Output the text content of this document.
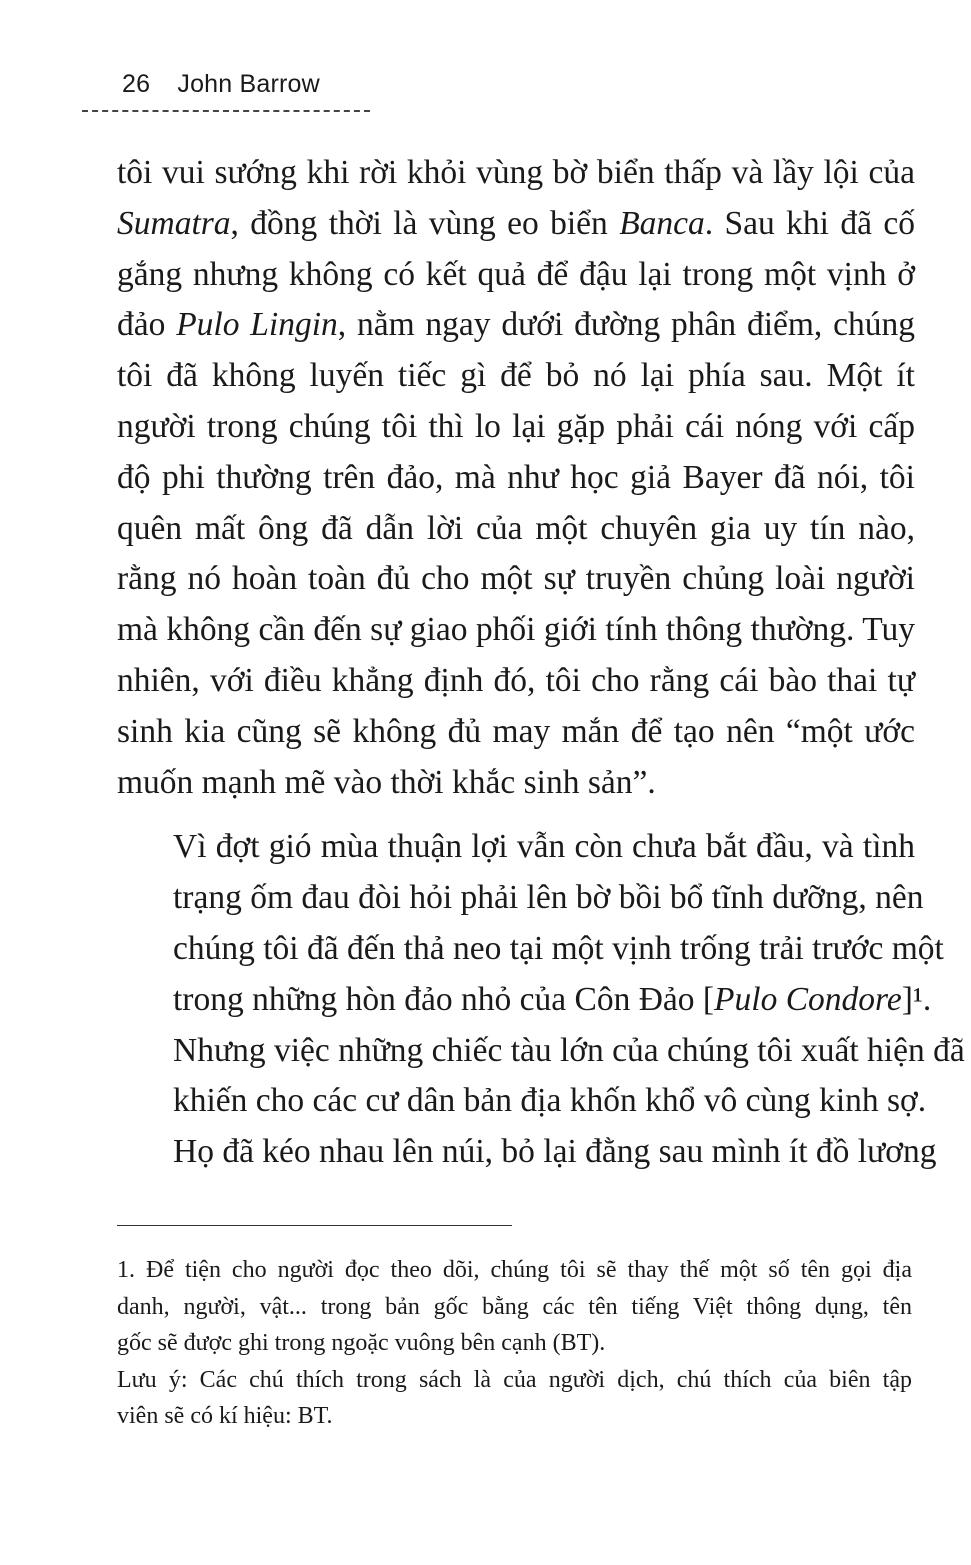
26 John Barrow

tôi vui sướng khi rời khỏi vùng bờ biển thấp và lầy lội của
Sumatra, đồng thời là vùng eo biển Banca. Sau khi đã cố
gắng nhưng không có kết quả để đậu lại trong một vịnh ở
đảo Pulo Lingin, nằm ngay dưới đường phân điểm, chúng
tôi đã không luyến tiếc gì để bỏ nó lại phía sau. Một ít
người trong chúng tôi thì lo lại gặp phải cái nóng với cấp
độ phi thường trên đảo, mà như học giả Bayer đã nói, tôi
quên mất ông đã dẫn lời của một chuyên gia uy tín nào,
rằng nó hoàn toàn đủ cho một sự truyền chủng loài người
mà không cần đến sự giao phối giới tính thông thường. Tuy
nhiên, với điều khẳng định đó, tôi cho rằng cái bào thai tự
sinh kia cũng sẽ không đủ may mắn để tạo nên “một ước
muốn mạnh mẽ vào thời khắc sinh sản”.

Vì đợt gió mùa thuận lợi vẫn còn chưa bắt đầu, và tình
trạng ốm đau đòi hỏi phải lên bờ bồi bổ tĩnh dưỡng, nên
chúng tôi đã đến thả neo tại một vịnh trống trải trước một
trong những hòn đảo nhỏ của Côn Đảo [Pulo Condore]¹.
Nhưng việc những chiếc tàu lớn của chúng tôi xuất hiện đã
khiến cho các cư dân bản địa khốn khổ vô cùng kinh sợ.
Họ đã kéo nhau lên núi, bỏ lại đằng sau mình ít đồ lương

1. Để tiện cho người đọc theo dõi, chúng tôi sẽ thay thế một số tên gọi địa
danh, người, vật... trong bản gốc bằng các tên tiếng Việt thông dụng, tên
gốc sẽ được ghi trong ngoặc vuông bên cạnh (BT).
Lưu ý: Các chú thích trong sách là của người dịch, chú thích của biên tập
viên sẽ có kí hiệu: BT.
